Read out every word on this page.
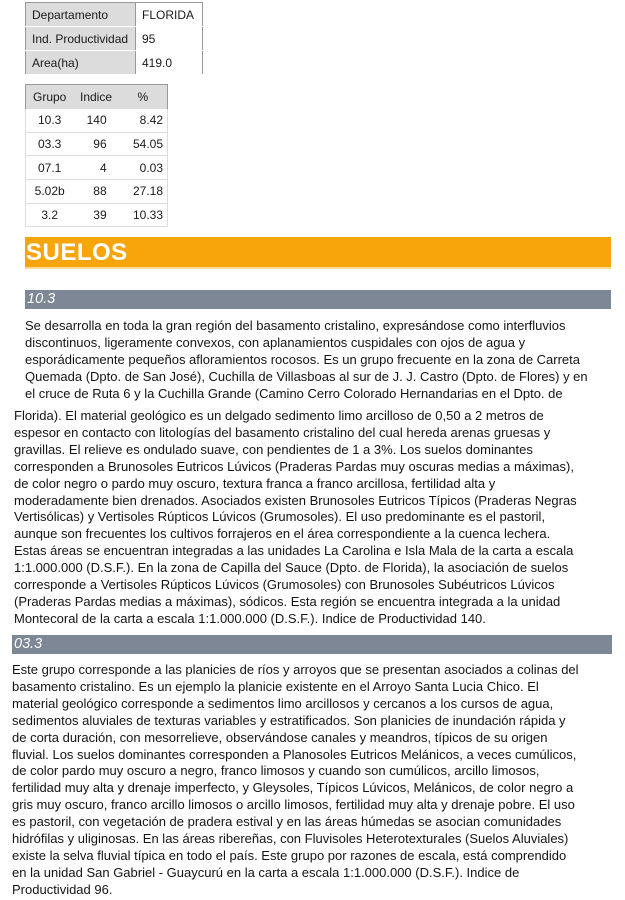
Departamento	FLORIDA
Ind. Productividad	95
Area(ha)	419.0
Grupo	Indice	%
10.3	140	8.42
03.3	96	54.05
07.1	4	0.03
5.02b	88	27.18
3.2	39	10.33
SUELOS
10.3
Se desarrolla en toda la gran región del basamento cristalino, expresándose como interfluvios
discontinuos, ligeramente convexos, con aplanamientos cuspidales con ojos de agua y
esporádicamente pequeños afloramientos rocosos. Es un grupo frecuente en la zona de Carreta
Quemada (Dpto. de San José), Cuchilla de Villasboas al sur de J. J. Castro (Dpto. de Flores) y en
el cruce de Ruta 6 y la Cuchilla Grande (Camino Cerro Colorado Hernandarias en el Dpto. de
Florida). El material geológico es un delgado sedimento limo arcilloso de 0,50 a 2 metros de
espesor en contacto con litologías del basamento cristalino del cual hereda arenas gruesas y
gravillas. El relieve es ondulado suave, con pendientes de 1 a 3%. Los suelos dominantes
corresponden a Brunosoles Eutricos Lúvicos (Praderas Pardas muy oscuras medias a máximas),
de color negro o pardo muy oscuro, textura franca a franco arcillosa, fertilidad alta y
moderadamente bien drenados. Asociados existen Brunosoles Eutricos Típicos (Praderas Negras
Vertisólicas) y Vertisoles Rúpticos Lúvicos (Grumosoles). El uso predominante es el pastoril,
aunque son frecuentes los cultivos forrajeros en el área correspondiente a la cuenca lechera.
Estas áreas se encuentran integradas a las unidades La Carolina e Isla Mala de la carta a escala
1:1.000.000 (D.S.F.). En la zona de Capilla del Sauce (Dpto. de Florida), la asociación de suelos
corresponde a Vertisoles Rúpticos Lúvicos (Grumosoles) con Brunosoles Subéutricos Lúvicos
(Praderas Pardas medias a máximas), sódicos. Esta región se encuentra integrada a la unidad
Montecoral de la carta a escala 1:1.000.000 (D.S.F.). Indice de Productividad 140.
03.3
Este grupo corresponde a las planicies de ríos y arroyos que se presentan asociados a colinas del
basamento cristalino. Es un ejemplo la planicie existente en el Arroyo Santa Lucia Chico. El
material geológico corresponde a sedimentos limo arcillosos y cercanos a los cursos de agua,
sedimentos aluviales de texturas variables y estratificados. Son planicies de inundación rápida y
de corta duración, con mesorrelieve, observándose canales y meandros, típicos de su origen
fluvial. Los suelos dominantes corresponden a Planosoles Eutricos Melánicos, a veces cumúlicos,
de color pardo muy oscuro a negro, franco limosos y cuando son cumúlicos, arcillo limosos,
fertilidad muy alta y drenaje imperfecto, y Gleysoles, Típicos Lúvicos, Melánicos, de color negro a
gris muy oscuro, franco arcillo limosos o arcillo limosos, fertilidad muy alta y drenaje pobre. El uso
es pastoril, con vegetación de pradera estival y en las áreas húmedas se asocian comunidades
hidrófilas y uliginosas. En las áreas ribereñas, con Fluvisoles Heterotexturales (Suelos Aluviales)
existe la selva fluvial típica en todo el país. Este grupo por razones de escala, está comprendido
en la unidad San Gabriel - Guaycurú en la carta a escala 1:1.000.000 (D.S.F.). Indice de
Productividad 96.
